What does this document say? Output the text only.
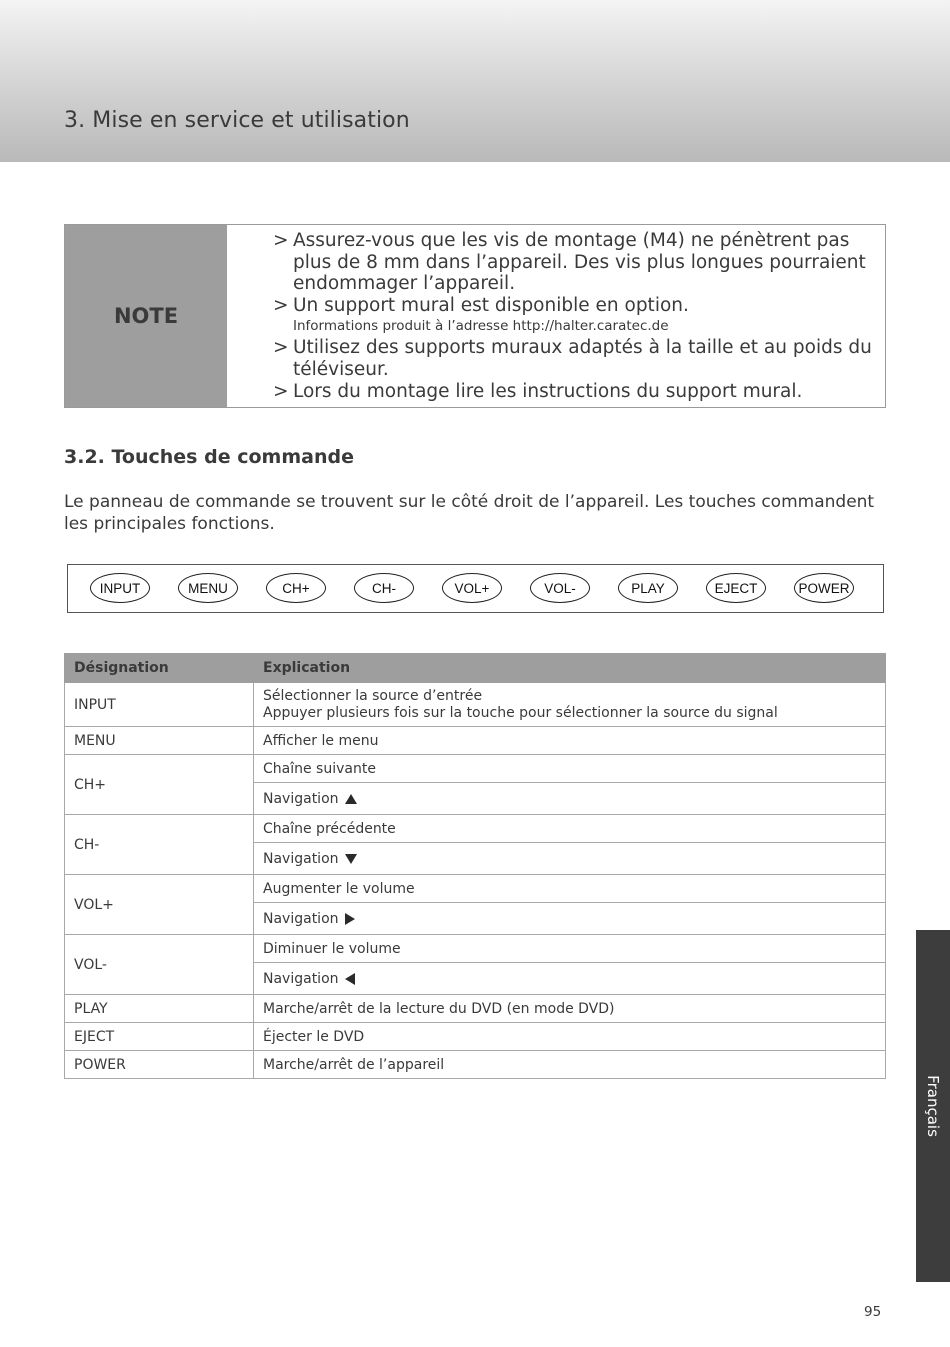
3. Mise en service et utilisation
NOTE
> Assurez-vous que les vis de montage (M4) ne pénètrent pas plus de 8 mm dans l’appareil. Des vis plus longues pourraient endommager l’appareil.
> Un support mural est disponible en option.
Informations produit à l’adresse http://halter.caratec.de
> Utilisez des supports muraux adaptés à la taille et au poids du téléviseur.
> Lors du montage lire les instructions du support mural.
3.2. Touches de commande

Le panneau de commande se trouvent sur le côté droit de l’appareil. Les touches commandent les principales fonctions.

INPUT	MENU	CH+	CH-	VOL+	VOL-	PLAY	EJECT	POWER
Désignation	Explication
INPUT	Sélectionner la source d’entrée
Appuyer plusieurs fois sur la touche pour sélectionner la source du signal

MENU	Afficher le menu
CH+	Chaîne suivante

	Navigation

CH-	Chaîne précédente

	Navigation

VOL+	Augmenter le volume

	Navigation

VOL-	Diminuer le volume

	Navigation

PLAY	Marche/arrêt de la lecture du DVD (en mode DVD)
EJECT	Éjecter le DVD
POWER	Marche/arrêt de l’appareil
Français
95
